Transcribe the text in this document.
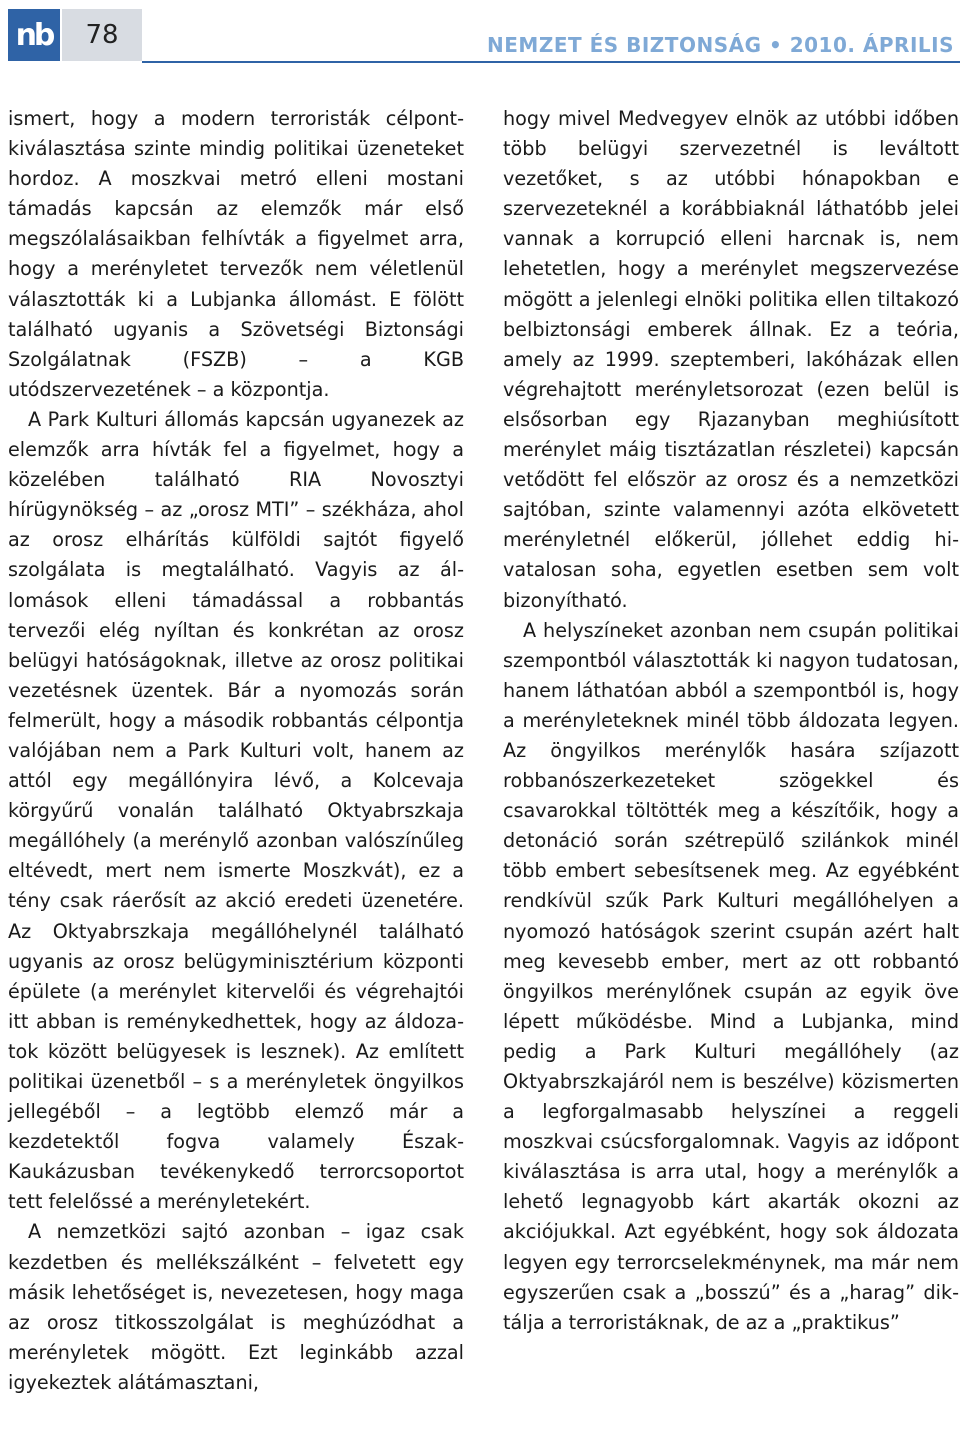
nb 78	NEMZET ÉS BIZTONSÁG • 2010. ÁPRILIS

ismert, hogy a modern terroristák célpontkiválasztása szinte mindig politikai üzeneteket hordoz. A moszkvai metró elleni mostani támadás kapcsán az elemzők már első megszólalásaikban felhívták a figyelmet arra, hogy a merényletet tervezők nem véletlenül választották ki a Lubjanka állomást. E fölött található ugyanis a Szövetségi Biztonsági Szolgálatnak (FSZB) – a KGB utódszervezetének – a központja.

A Park Kulturi állomás kapcsán ugyanezek az elemzők arra hívták fel a figyelmet, hogy a közelében található RIA Novosztyi hírügynökség – az „orosz MTI” – székháza, ahol az orosz elhárítás külföldi sajtót figyelő szolgálata is megtalálható. Vagyis az állomások elleni támadással a robbantás tervezői elég nyíltan és konkrétan az orosz belügyi hatóságoknak, illetve az orosz politikai vezetésnek üzentek. Bár a nyomozás során felmerült, hogy a második robbantás célpontja valójában nem a Park Kulturi volt, hanem az attól egy megállónyira lévő, a Kolcevaja körgyűrű vonalán található Oktyabrszkaja megállóhely (a merénylő azonban valószínűleg eltévedt, mert nem ismerte Moszkvát), ez a tény csak ráerősít az akció eredeti üzenetére. Az Oktyabrszkaja megállóhelynél található ugyanis az orosz belügyminisztérium központi épülete (a merénylet kitervelői és végrehajtói itt abban is reménykedhettek, hogy az áldozatok között belügyesek is lesznek). Az említett politikai üzenetből – s a merényletek öngyilkos jellegéből – a legtöbb elemző már a kezdetektől fogva valamely Észak-Kaukázusban tevékenykedő terrorcsoportot tett felelőssé a merényletekért.

A nemzetközi sajtó azonban – igaz csak kezdetben és mellékszálként – felvetett egy másik lehetőséget is, nevezetesen, hogy maga az orosz titkosszolgálat is meghúzódhat a merényletek mögött. Ezt leginkább azzal igyekeztek alátámasztani,

hogy mivel Medvegyev elnök az utóbbi időben több belügyi szervezetnél is leváltott vezetőket, s az utóbbi hónapokban e szervezeteknél a korábbiaknál láthatóbb jelei vannak a korrupció elleni harcnak is, nem lehetetlen, hogy a merénylet megszervezése mögött a jelenlegi elnöki politika ellen tiltakozó belbiztonsági emberek állnak. Ez a teória, amely az 1999. szeptemberi, lakóházak ellen végrehajtott merényletsorozat (ezen belül is elsősorban egy Rjazanyban meghiúsított merénylet máig tisztázatlan részletei) kapcsán vetődött fel először az orosz és a nemzetközi sajtóban, szinte valamennyi azóta elkövetett merényletnél előkerül, jóllehet eddig hivatalosan soha, egyetlen esetben sem volt bizonyítható.

A helyszíneket azonban nem csupán politikai szempontból választották ki nagyon tudatosan, hanem láthatóan abból a szempontból is, hogy a merényleteknek minél több áldozata legyen. Az öngyilkos merénylők hasára szíjazott robbanószerkezeteket szögekkel és csavarokkal töltötték meg a készítőik, hogy a detonáció során szétrepülő szilánkok minél több embert sebesítsenek meg. Az egyébként rendkívül szűk Park Kulturi megállóhelyen a nyomozó hatóságok szerint csupán azért halt meg kevesebb ember, mert az ott robbantó öngyilkos merénylőnek csupán az egyik öve lépett működésbe. Mind a Lubjanka, mind pedig a Park Kulturi megállóhely (az Oktyabrszkajáról nem is beszélve) közismerten a legforgalmasabb helyszínei a reggeli moszkvai csúcsforgalomnak. Vagyis az időpont kiválasztása is arra utal, hogy a merénylők a lehető legnagyobb kárt akarták okozni az akciójukkal. Azt egyébként, hogy sok áldozata legyen egy terrorcselekménynek, ma már nem egyszerűen csak a „bosszú” és a „harag” diktálja a terroristáknak, de az a „praktikus”
